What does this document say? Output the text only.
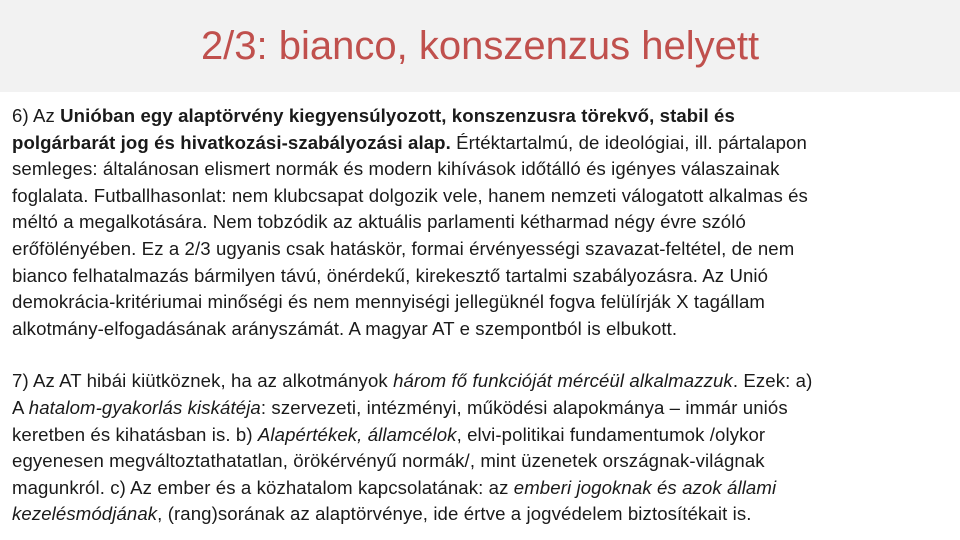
2/3: bianco, konszenzus helyett

6) Az Unióban egy alaptörvény kiegyensúlyozott, konszenzusra törekvő, stabil és
polgárbarát jog és hivatkozási-szabályozási alap. Értéktartalmú, de ideológiai, ill. pártalapon
semleges: általánosan elismert normák és modern kihívások időtálló és igényes válaszainak
foglalata. Futballhasonlat: nem klubcsapat dolgozik vele, hanem nemzeti válogatott alkalmas és
méltó a megalkotására. Nem tobzódik az aktuális parlamenti kétharmad négy évre szóló
erőfölényében. Ez a 2/3 ugyanis csak hatáskör, formai érvényességi szavazat-feltétel, de nem
bianco felhatalmazás bármilyen távú, önérdekű, kirekesztő tartalmi szabályozásra. Az Unió
demokrácia-kritériumai minőségi és nem mennyiségi jellegüknél fogva felülírják X tagállam
alkotmány-elfogadásának arányszámát. A magyar AT e szempontból is elbukott.

7) Az AT hibái kiütköznek, ha az alkotmányok három fő funkcióját mércéül alkalmazzuk. Ezek: a)
A hatalom-gyakorlás kiskátéja: szervezeti, intézményi, működési alapokmánya – immár uniós
keretben és kihatásban is. b) Alapértékek, államcélok, elvi-politikai fundamentumok /olykor
egyenesen megváltoztathatatlan, örökérvényű normák/, mint üzenetek országnak-világnak
magunkról. c) Az ember és a közhatalom kapcsolatának: az emberi jogoknak és azok állami
kezelésmódjának, (rang)sorának az alaptörvénye, ide értve a jogvédelem biztosítékait is.
